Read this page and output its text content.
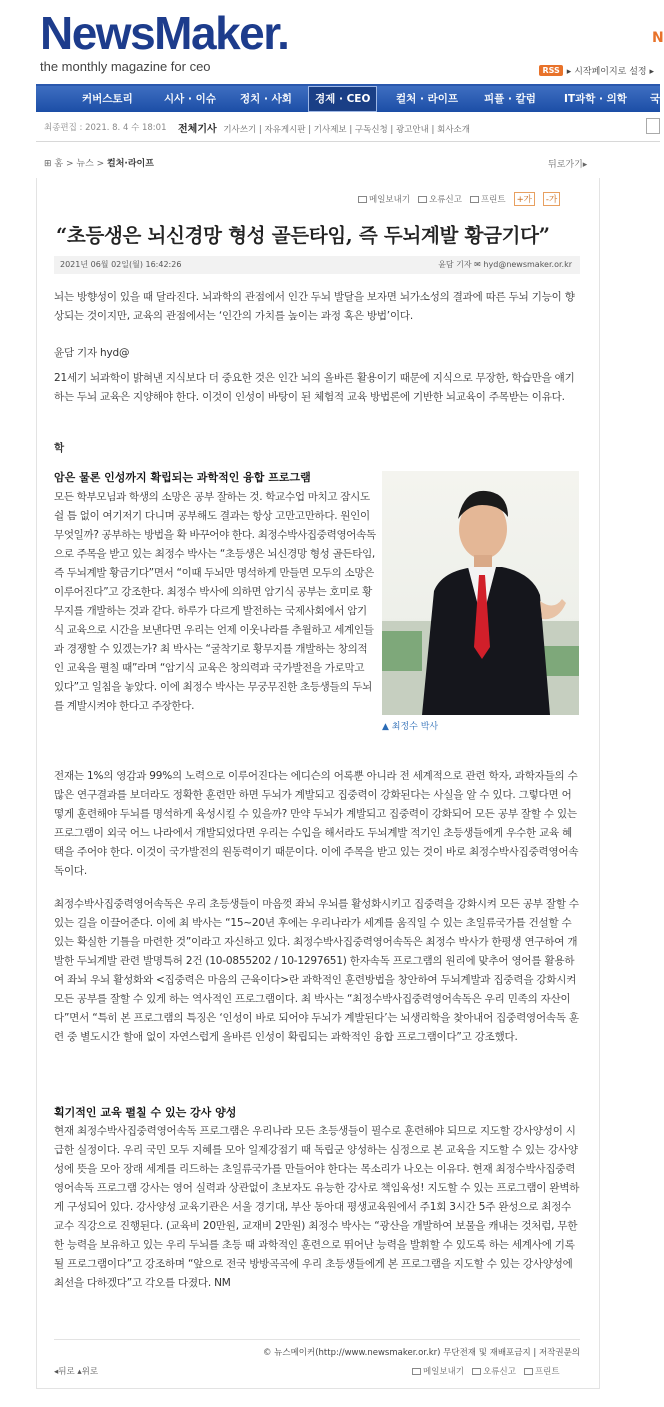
NewsMaker.
the monthly magazine for ceo
N
RSS ▸ 시작페이지로 설정 ▸
커버스토리	시사 · 이슈 정치 · 사회	경제 · CEO	컬처 · 라이프 피플 · 칼럼	IT과학 · 의학 국
최종편집 : 2021. 8. 4 수 18:01 전체기사 기사쓰기 | 자유게시판 | 기사제보 | 구독신청 | 광고안내 | 회사소개
⊞ 홈 > 뉴스 > 컬처·라이프	뒤로가기▸
메일보내기	오류신고	프린트	+가	-가
“초등생은 뇌신경망 형성 골든타임, 즉 두뇌계발 황금기다”
2021년 06월 02일(월) 16:42:26	윤담 기자 ✉ hyd@newsmaker.or.kr

뇌는 방향성이 있을 때 달라진다. 뇌과학의 관점에서 인간 두뇌 발달을 보자면 뇌가소성의 결과에 따른 두뇌 기능이 향상되는 것이지만, 교육의 관점에서는 ‘인간의 가치를 높이는 과정 혹은 방법’이다.

윤담 기자 hyd@

21세기 뇌과학이 밝혀낸 지식보다 더 중요한 것은 인간 뇌의 올바른 활용이기 때문에 지식으로 무장한, 학습만을 얘기하는 두뇌 교육은 지양해야 한다. 이것이 인성이 바탕이 된 체험적 교육 방법론에 기반한 뇌교육이 주목받는 이유다.

학

암은 물론 인성까지 확립되는 과학적인 융합 프로그램

모든 학부모님과 학생의 소망은 공부 잘하는 것. 학교수업 마치고 잠시도 쉴 틈 없이 여기저기 다니며 공부해도 결과는 항상 고만고만하다. 원인이 무엇일까? 공부하는 방법을 확 바꾸어야 한다. 최정수박사집중력영어속독으로 주목을 받고 있는 최정수 박사는 “초등생은 뇌신경망 형성 골든타임, 즉 두뇌계발 황금기다”면서 “이때 두뇌만 명석하게 만들면 모두의 소망은 이루어진다”고 강조한다. 최정수 박사에 의하면 암기식 공부는 호미로 황무지를 개발하는 것과 같다. 하루가 다르게 발전하는 국제사회에서 암기식 교육으로 시간을 보낸다면 우리는 언제 이웃나라를 추월하고 세계인들과 경쟁할 수 있겠는가? 최 박사는 “굴착기로 황무지를 개발하는 창의적인 교육을 펼칠 때”라며 “암기식 교육은 창의력과 국가발전을 가로막고 있다”고 일침을 놓았다. 이에 최정수 박사는 무궁무진한 초등생들의 두뇌를 계발시켜야 한다고 주장한다.

▲ 최정수 박사

전재는 1%의 영감과 99%의 노력으로 이루어진다는 에디슨의 어록뿐 아니라 전 세계적으로 관련 학자, 과학자들의 수많은 연구결과를 보더라도 정확한 훈련만 하면 두뇌가 계발되고 집중력이 강화된다는 사실을 알 수 있다. 그렇다면 어떻게 훈련해야 두뇌를 명석하게 육성시킬 수 있을까? 만약 두뇌가 계발되고 집중력이 강화되어 모든 공부 잘할 수 있는 프로그램이 외국 어느 나라에서 개발되었다면 우리는 수입을 해서라도 두뇌계발 적기인 초등생들에게 우수한 교육 혜택을 주어야 한다. 이것이 국가발전의 원동력이기 때문이다. 이에 주목을 받고 있는 것이 바로 최정수박사집중력영어속독이다.

최정수박사집중력영어속독은 우리 초등생들이 마음껏 좌뇌 우뇌를 활성화시키고 집중력을 강화시켜 모든 공부 잘할 수 있는 길을 이끌어준다. 이에 최 박사는 “15~20년 후에는 우리나라가 세계를 움직일 수 있는 초일류국가를 건설할 수 있는 확실한 기틀을 마련한 것”이라고 자신하고 있다. 최정수박사집중력영어속독은 최정수 박사가 한평생 연구하여 개발한 두뇌계발 관련 발명특허 2건 (10-0855202 / 10-1297651) 한자속독 프로그램의 원리에 맞추어 영어를 활용하여 좌뇌 우뇌 활성화와 <집중력은 마음의 근육이다>란 과학적인 훈련방법을 창안하여 두뇌계발과 집중력을 강화시켜 모든 공부를 잘할 수 있게 하는 역사적인 프로그램이다. 최 박사는 “최정수박사집중력영어속독은 우리 민족의 자산이다”면서 “특히 본 프로그램의 특징은 ‘인성이 바로 되어야 두뇌가 계발된다’는 뇌생리학을 찾아내어 집중력영어속독 훈련 중 별도시간 할애 없이 자연스럽게 올바른 인성이 확립되는 과학적인 융합 프로그램이다”고 강조했다.

획기적인 교육 펼칠 수 있는 강사 양성

현재 최정수박사집중력영어속독 프로그램은 우리나라 모든 초등생들이 필수로 훈련해야 되므로 지도할 강사양성이 시급한 실정이다. 우리 국민 모두 지혜를 모아 일제강점기 때 독립군 양성하는 심정으로 본 교육을 지도할 수 있는 강사양성에 뜻을 모아 장래 세계를 리드하는 초일류국가를 만들어야 한다는 목소리가 나오는 이유다. 현재 최정수박사집중력영어속독 프로그램 강사는 영어 실력과 상관없이 초보자도 유능한 강사로 책임육성! 지도할 수 있는 프로그램이 완벽하게 구성되어 있다. 강사양성 교육기관은 서울 경기대, 부산 동아대 평생교육원에서 주1회 3시간 5주 완성으로 최정수 교수 직강으로 진행된다. (교육비 20만원, 교재비 2만원) 최정수 박사는 “광산을 개발하여 보물을 캐내는 것처럼, 무한한 능력을 보유하고 있는 우리 두뇌를 초등 때 과학적인 훈련으로 뛰어난 능력을 발휘할 수 있도록 하는 세계사에 기록될 프로그램이다”고 강조하며 “앞으로 전국 방방곡곡에 우리 초등생들에게 본 프로그램을 지도할 수 있는 강사양성에 최선을 다하겠다”고 각오를 다졌다. NM

© 뉴스메이커(http://www.newsmaker.or.kr) 무단전재 및 재배포금지 | 저작권문의
◂뒤로 ▴위로	메일보내기	오류신고	프린트
